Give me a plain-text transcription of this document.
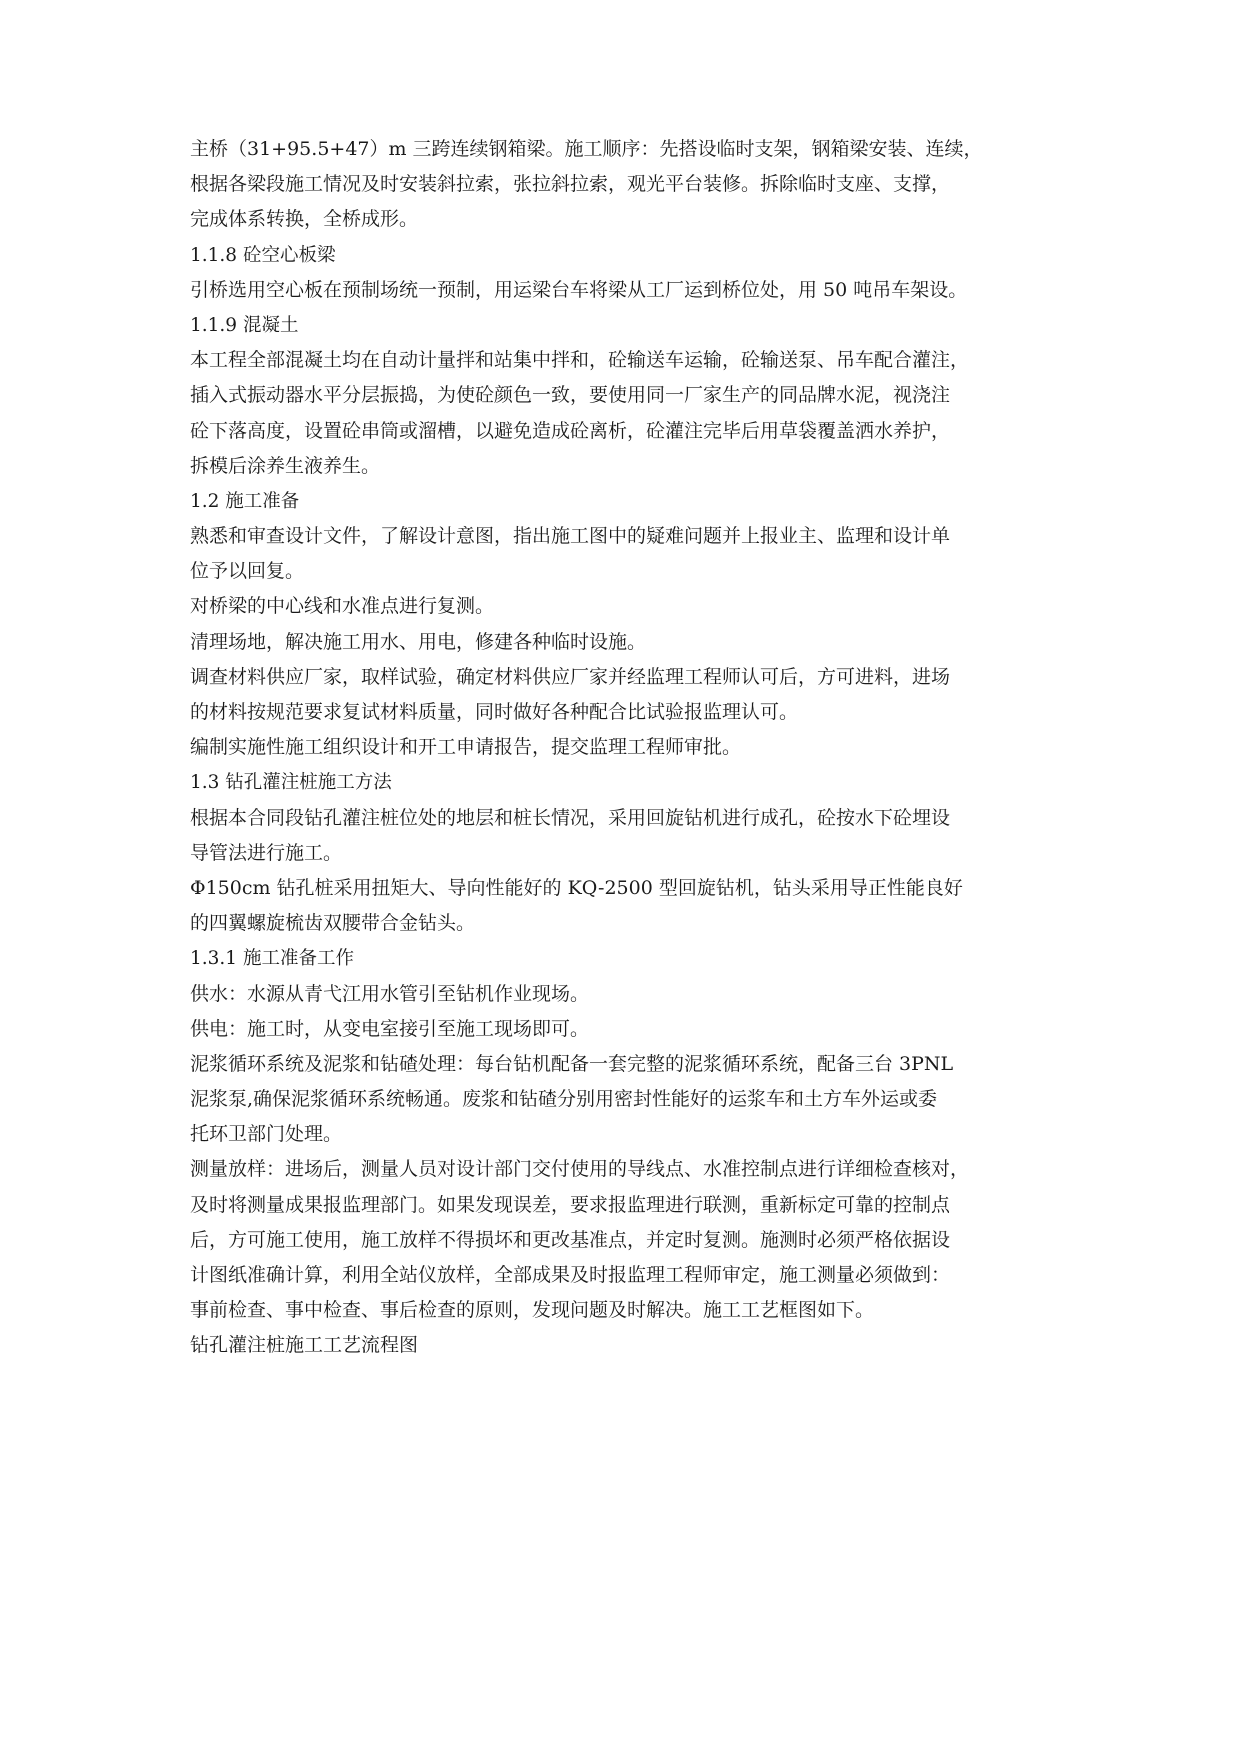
主桥（31+95.5+47）m 三跨连续钢箱梁。施工顺序：先搭设临时支架，钢箱梁安装、连续，
根据各梁段施工情况及时安装斜拉索，张拉斜拉索，观光平台装修。拆除临时支座、支撑，
完成体系转换，全桥成形。
1.1.8 砼空心板梁
引桥选用空心板在预制场统一预制，用运梁台车将梁从工厂运到桥位处，用 50 吨吊车架设。
1.1.9 混凝土
本工程全部混凝土均在自动计量拌和站集中拌和，砼输送车运输，砼输送泵、吊车配合灌注，
插入式振动器水平分层振捣，为使砼颜色一致，要使用同一厂家生产的同品牌水泥，视浇注
砼下落高度，设置砼串筒或溜槽，以避免造成砼离析，砼灌注完毕后用草袋覆盖洒水养护，
拆模后涂养生液养生。
1.2 施工准备
熟悉和审查设计文件，了解设计意图，指出施工图中的疑难问题并上报业主、监理和设计单
位予以回复。
对桥梁的中心线和水准点进行复测。
清理场地，解决施工用水、用电，修建各种临时设施。
调查材料供应厂家，取样试验，确定材料供应厂家并经监理工程师认可后，方可进料，进场
的材料按规范要求复试材料质量，同时做好各种配合比试验报监理认可。
编制实施性施工组织设计和开工申请报告，提交监理工程师审批。
1.3 钻孔灌注桩施工方法
根据本合同段钻孔灌注桩位处的地层和桩长情况，采用回旋钻机进行成孔，砼按水下砼埋设
导管法进行施工。
Φ150cm 钻孔桩采用扭矩大、导向性能好的 KQ-2500 型回旋钻机，钻头采用导正性能良好
的四翼螺旋梳齿双腰带合金钻头。
1.3.1 施工准备工作
供水：水源从青弋江用水管引至钻机作业现场。
供电：施工时，从变电室接引至施工现场即可。
泥浆循环系统及泥浆和钻碴处理：每台钻机配备一套完整的泥浆循环系统，配备三台 3PNL
泥浆泵,确保泥浆循环系统畅通。废浆和钻碴分别用密封性能好的运浆车和土方车外运或委
托环卫部门处理。
测量放样：进场后，测量人员对设计部门交付使用的导线点、水准控制点进行详细检查核对，
及时将测量成果报监理部门。如果发现误差，要求报监理进行联测，重新标定可靠的控制点
后，方可施工使用，施工放样不得损坏和更改基准点，并定时复测。施测时必须严格依据设
计图纸准确计算，利用全站仪放样，全部成果及时报监理工程师审定，施工测量必须做到：
事前检查、事中检查、事后检查的原则，发现问题及时解决。施工工艺框图如下。
钻孔灌注桩施工工艺流程图
